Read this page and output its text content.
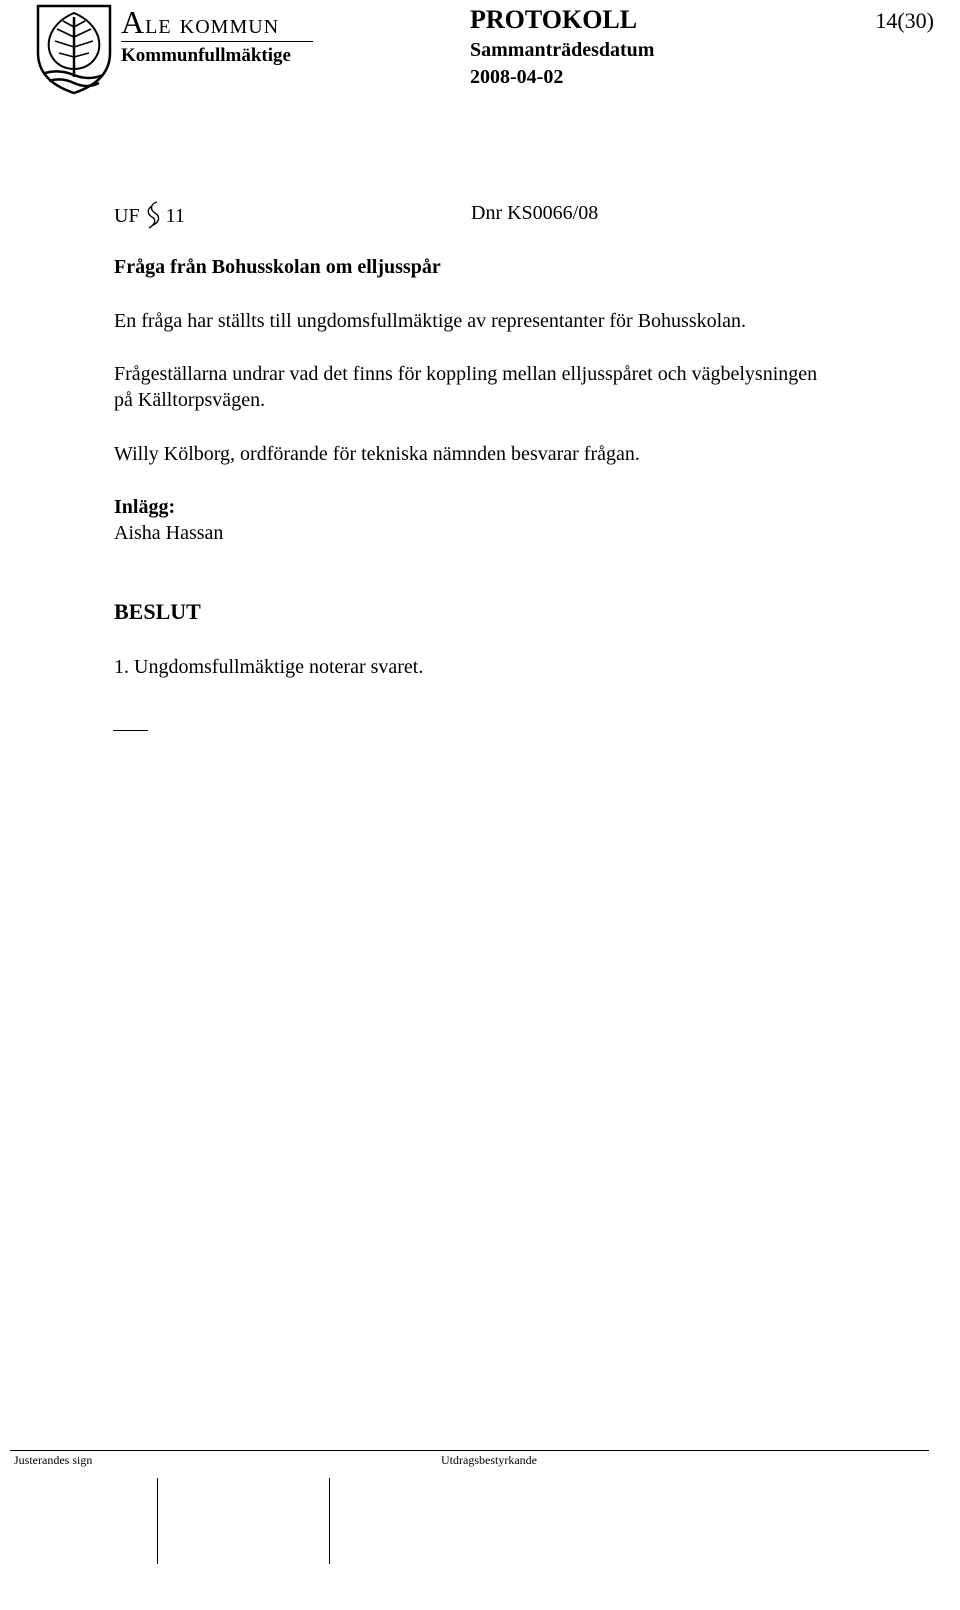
Ale kommun
Kommunfullmäktige
PROTOKOLL
Sammanträdesdatum
2008-04-02
14(30)
UF 11	Dnr KS0066/08
Fråga från Bohusskolan om elljusspår
En fråga har ställts till ungdomsfullmäktige av representanter för Bohusskolan.
Frågeställarna undrar vad det finns för koppling mellan elljusspåret och vägbelysningen
på Källtorpsvägen.
Willy Kölborg, ordförande för tekniska nämnden besvarar frågan.
Inlägg:
Aisha Hassan
BESLUT
1. Ungdomsfullmäktige noterar svaret.
Justerandes sign	Utdragsbestyrkande
